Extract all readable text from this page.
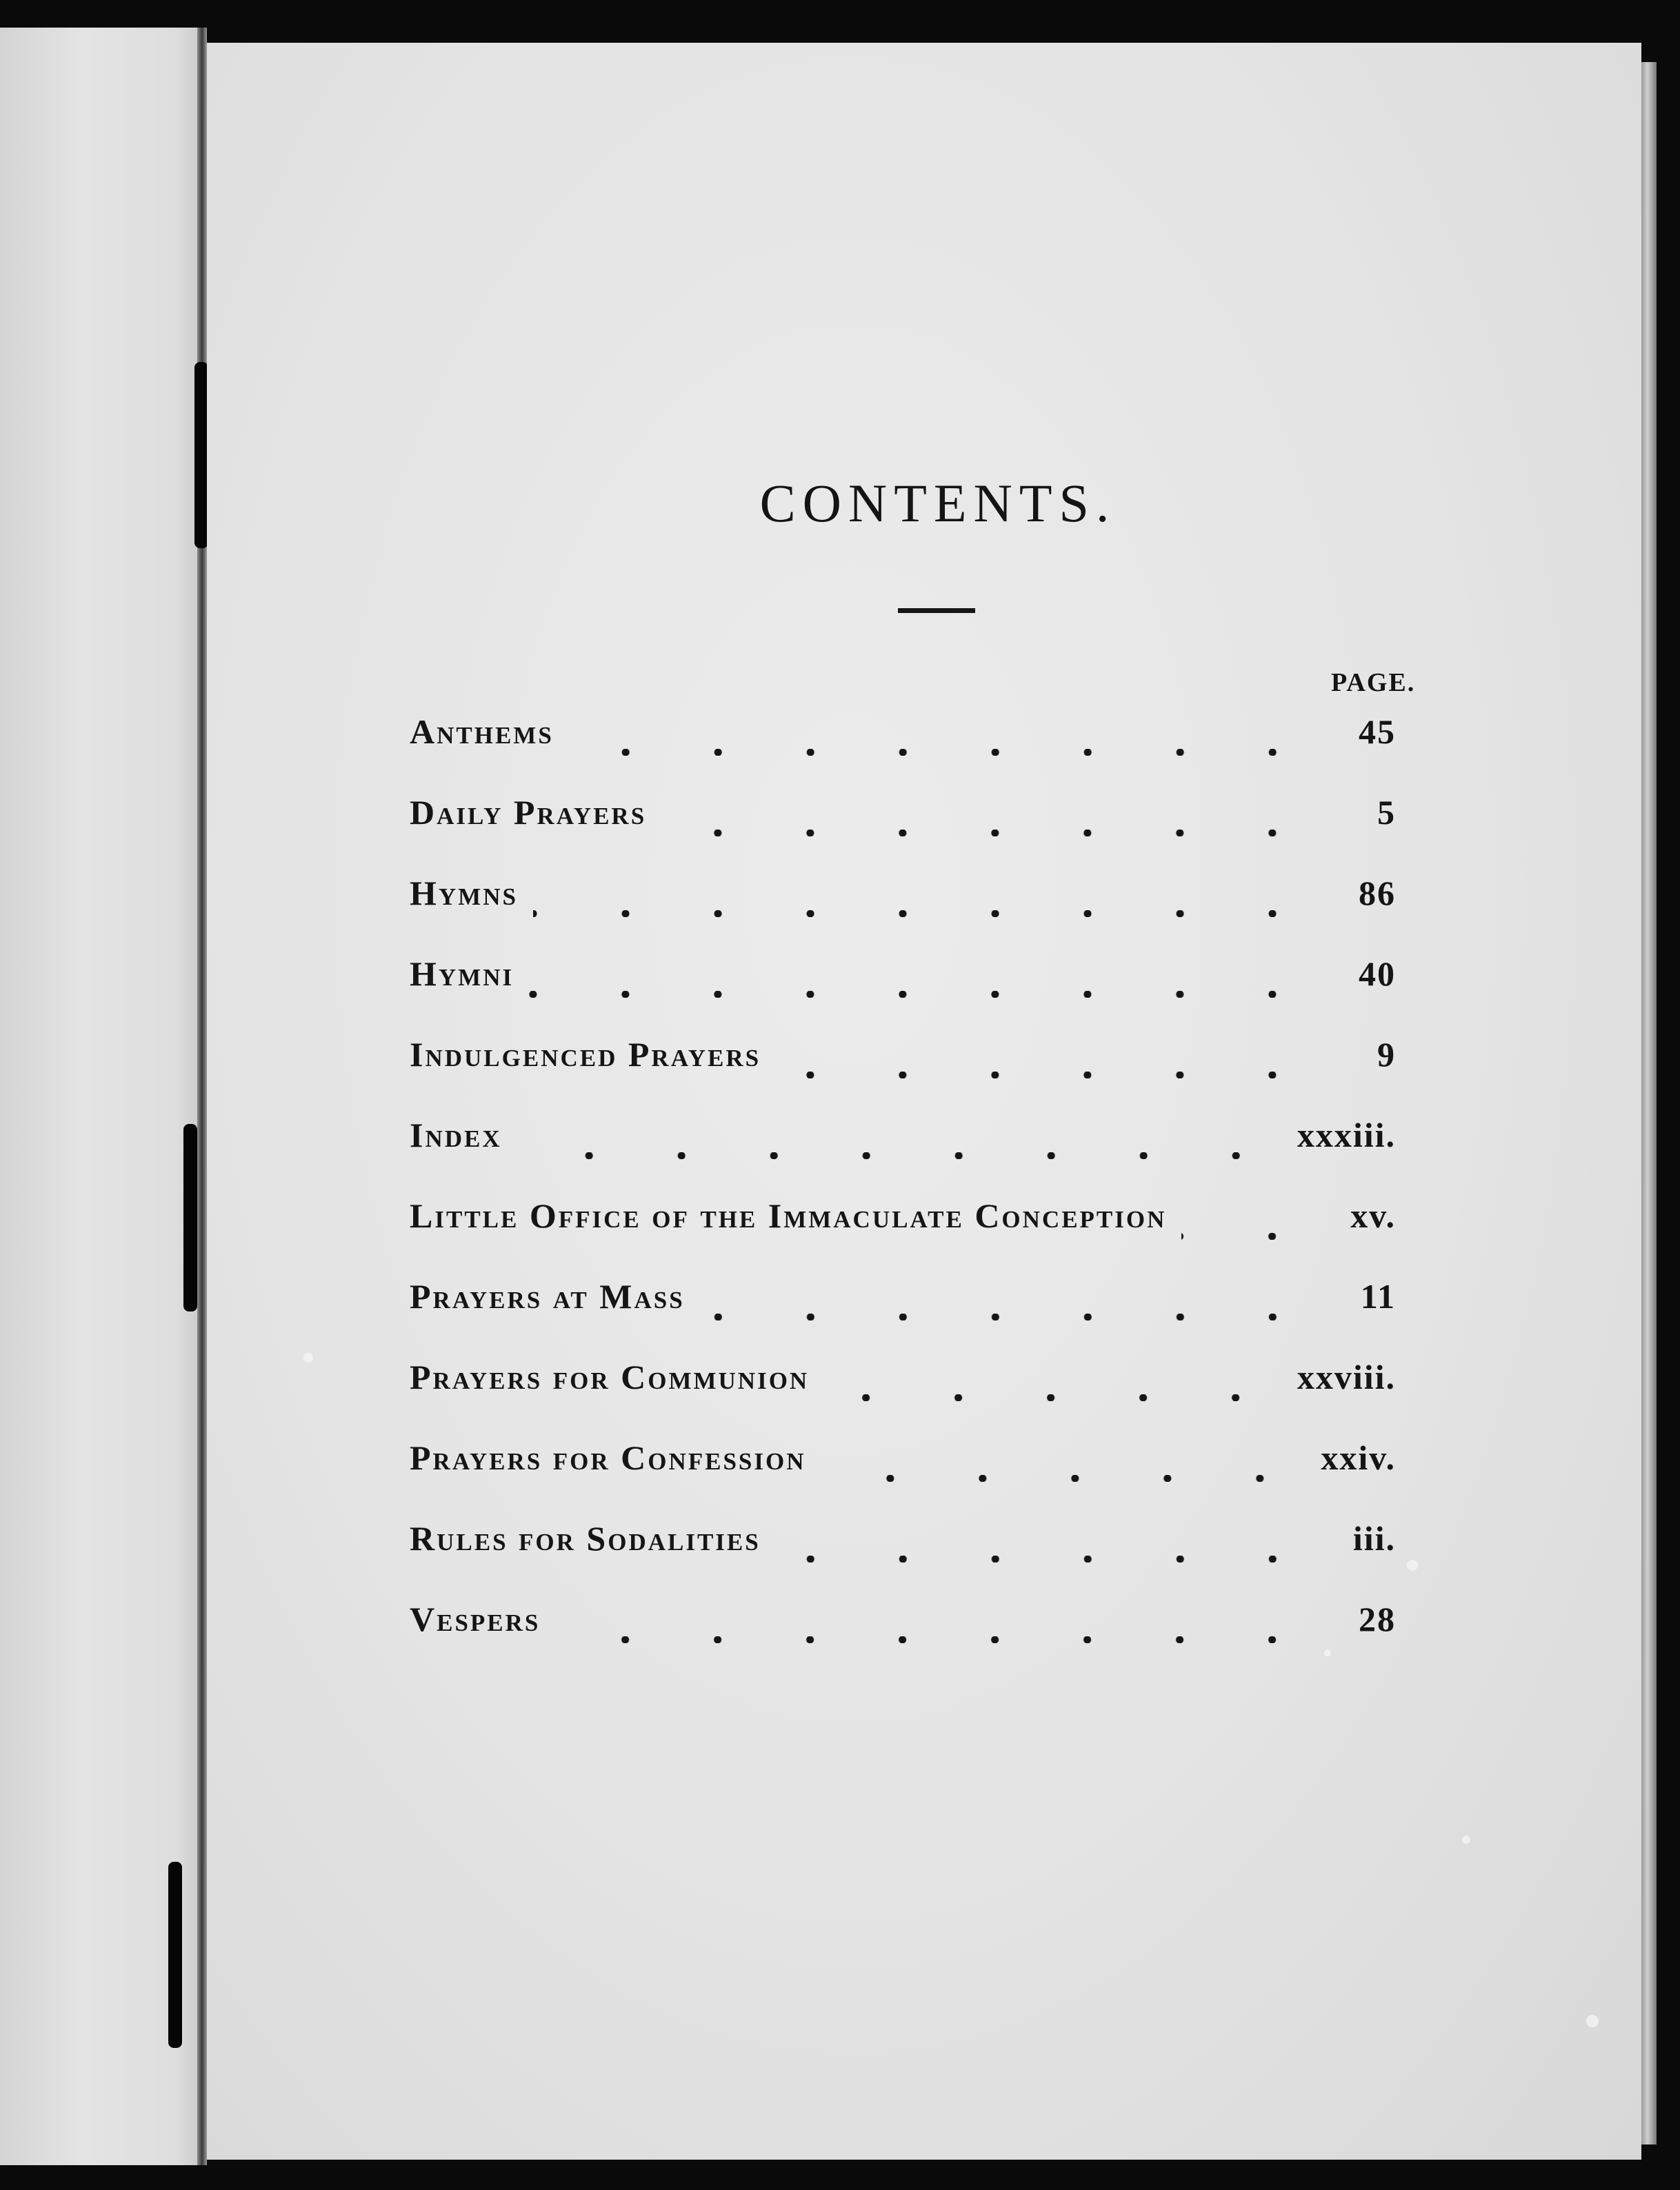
CONTENTS.
PAGE.
Anthems	45
Daily Prayers	5
Hymns	86
Hymni	40
Indulgenced Prayers	9
Index	xxxiii.
Little Office of the Immaculate Conception	xv.
Prayers at Mass	11
Prayers for Communion	xxviii.
Prayers for Confession	xxiv.
Rules for Sodalities	iii.
Vespers	28
